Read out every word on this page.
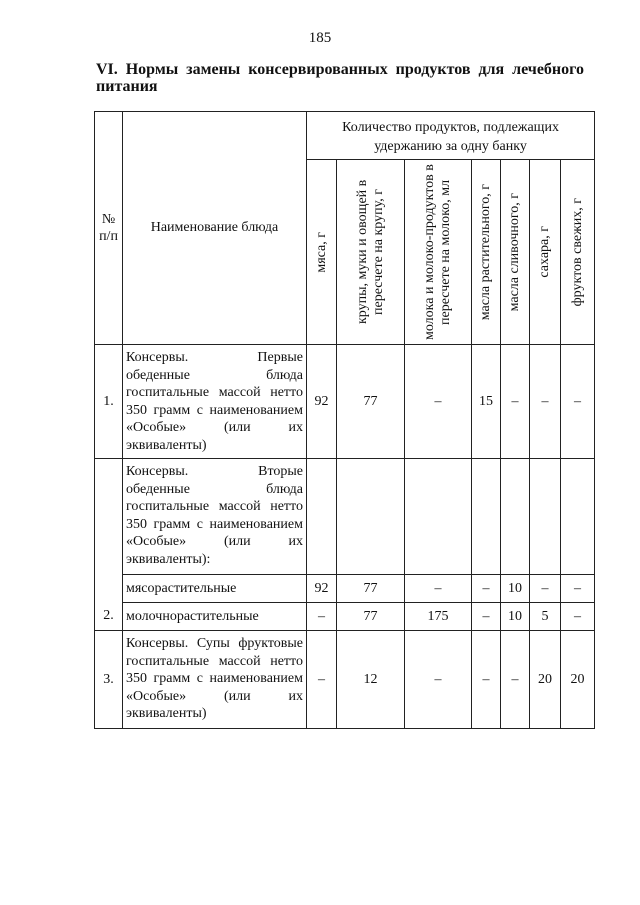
185
VI. Нормы замены консервированных продуктов для лечебного питания
№ п/п	Наименование блюда	Количество продуктов, подлежащих удержанию за одну банку						

		мяса, г	крупы, муки и овощей в пересчете на крупу, г	молока и молоко-продуктов в пересчете на молоко, мл	масла растительного, г	масла сливочного, г	сахара, г	фруктов свежих, г

1.	Консервы. Первые обеденные блюда госпитальные массой нетто 350 грамм с наименованием «Особые» (или их эквиваленты)	92	77	–	15	–	–	–
2.	Консервы. Вторые обеденные блюда госпитальные массой нетто 350 грамм с наименованием «Особые» (или их эквиваленты):							
	мясорастительные	92	77	–	–	10	–	–
	молочнорастительные	–	77	175	–	10	5	–
3.	Консервы. Супы фруктовые госпитальные массой нетто 350 грамм с наименованием «Особые» (или их эквиваленты)	–	12	–	–	–	20	20
